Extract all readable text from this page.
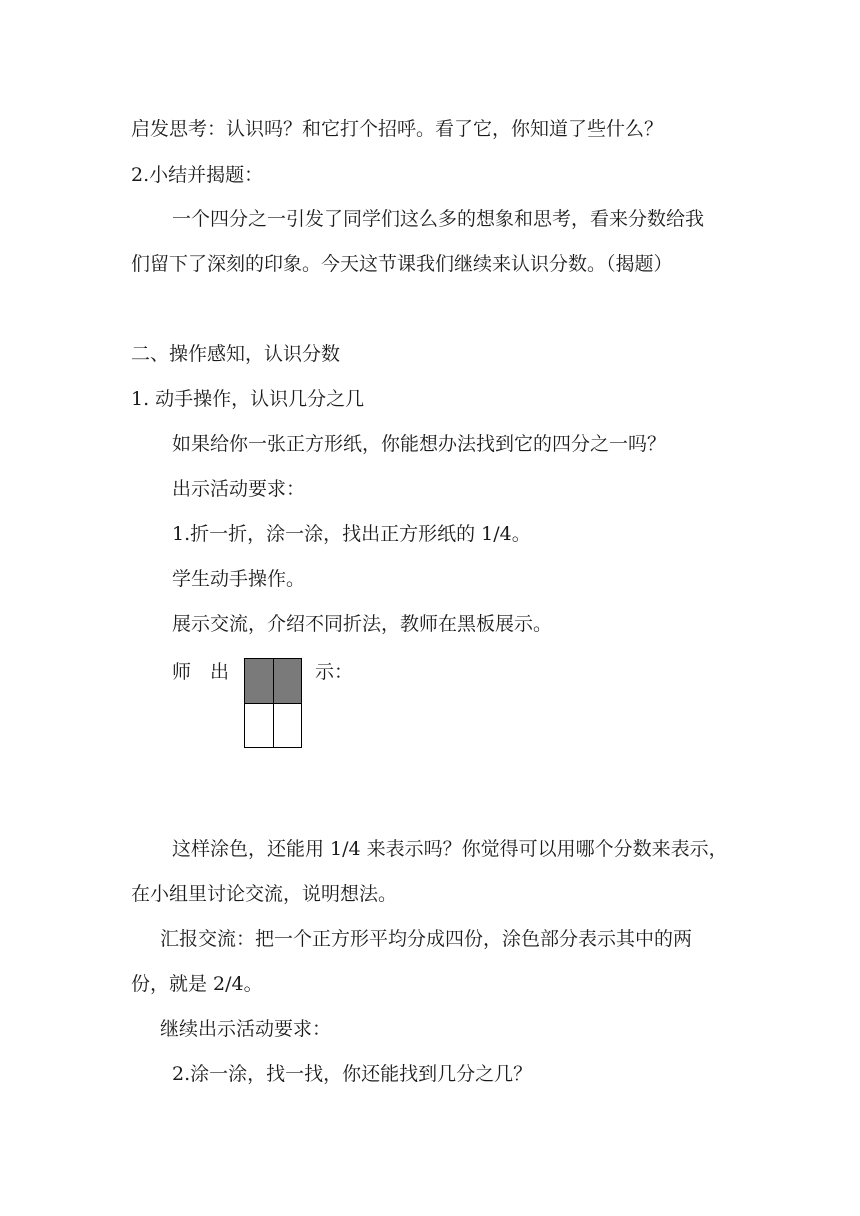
启发思考：认识吗？和它打个招呼。看了它，你知道了些什么？
2.小结并揭题：
一个四分之一引发了同学们这么多的想象和思考，看来分数给我
们留下了深刻的印象。今天这节课我们继续来认识分数。（揭题）
二、操作感知，认识分数
1. 动手操作，认识几分之几
如果给你一张正方形纸，你能想办法找到它的四分之一吗？
出示活动要求：
1.折一折，涂一涂，找出正方形纸的 1/4。
学生动手操作。
展示交流，介绍不同折法，教师在黑板展示。
师　出	示：
这样涂色，还能用 1/4 来表示吗？你觉得可以用哪个分数来表示，
在小组里讨论交流，说明想法。
汇报交流：把一个正方形平均分成四份，涂色部分表示其中的两
份，就是 2/4。
继续出示活动要求：
2.涂一涂，找一找，你还能找到几分之几？
